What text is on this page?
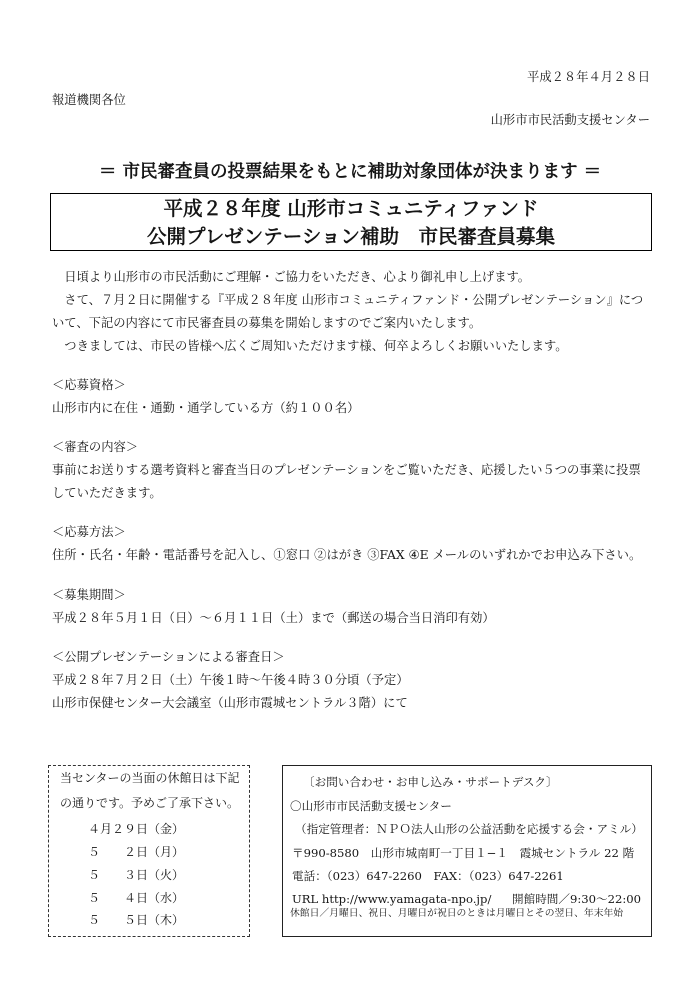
平成２８年４月２８日
報道機関各位
山形市市民活動支援センター
＝ 市民審査員の投票結果をもとに補助対象団体が決まります ＝
平成２８年度 山形市コミュニティファンド
公開プレゼンテーション補助　市民審査員募集
　日頃より山形市の市民活動にご理解・ご協力をいただき、心より御礼申し上げます。
　さて、７月２日に開催する『平成２８年度 山形市コミュニティファンド・公開プレゼンテーション』につ
いて、下記の内容にて市民審査員の募集を開始しますのでご案内いたします。
　つきましては、市民の皆様へ広くご周知いただけます様、何卒よろしくお願いいたします。
＜応募資格＞
山形市内に在住・通勤・通学している方（約１００名）
＜審査の内容＞
事前にお送りする選考資料と審査当日のプレゼンテーションをご覧いただき、応援したい５つの事業に投票
していただきます。
＜応募方法＞
住所・氏名・年齢・電話番号を記入し、①窓口 ②はがき ③FAX ④E メールのいずれかでお申込み下さい。
＜募集期間＞
平成２８年５月１日（日）～６月１１日（土）まで（郵送の場合当日消印有効）
＜公開プレゼンテーションによる審査日＞
平成２８年７月２日（土）午後１時～午後４時３０分頃（予定）
山形市保健センター大会議室（山形市霞城セントラル３階）にて
当センターの当面の休館日は下記
の通りです。予めご了承下さい。
４月２９日（金）
５　　２日（月）
５　　３日（火）
５　　４日（水）
５　　５日（木）
〔お問い合わせ・お申し込み・サポートデスク〕
〇山形市市民活動支援センター
（指定管理者：ＮＰＯ法人山形の公益活動を応援する会・アミル）
〒990-8580　山形市城南町一丁目１−１　霞城セントラル 22 階
電話：（023）647-2260　FAX：（023）647-2261
URL http://www.yamagata-npo.jp/ 開館時間／9:30～22:00
休館日／月曜日、祝日、月曜日が祝日のときは月曜日とその翌日、年末年始
